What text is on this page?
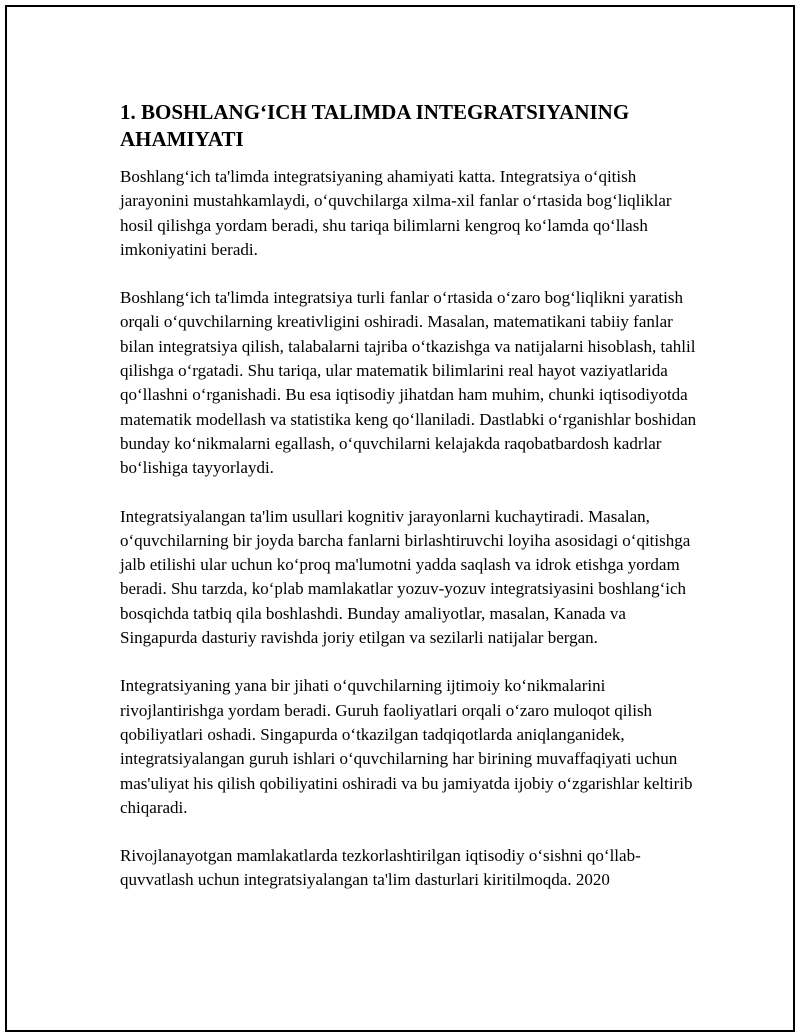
1. BOSHLANG‘ICH TALIMDA INTEGRATSIYANING AHAMIYATI

Boshlang‘ich ta'limda integratsiyaning ahamiyati katta. Integratsiya o‘qitish jarayonini mustahkamlaydi, o‘quvchilarga xilma-xil fanlar o‘rtasida bog‘liqliklar hosil qilishga yordam beradi, shu tariqa bilimlarni kengroq ko‘lamda qo‘llash imkoniyatini beradi.

Boshlang‘ich ta'limda integratsiya turli fanlar o‘rtasida o‘zaro bog‘liqlikni yaratish orqali o‘quvchilarning kreativligini oshiradi. Masalan, matematikani tabiiy fanlar bilan integratsiya qilish, talabalarni tajriba o‘tkazishga va natijalarni hisoblash, tahlil qilishga o‘rgatadi. Shu tariqa, ular matematik bilimlarini real hayot vaziyatlarida qo‘llashni o‘rganishadi. Bu esa iqtisodiy jihatdan ham muhim, chunki iqtisodiyotda matematik modellash va statistika keng qo‘llaniladi. Dastlabki o‘rganishlar boshidan bunday ko‘nikmalarni egallash, o‘quvchilarni kelajakda raqobatbardosh kadrlar bo‘lishiga tayyorlaydi.

Integratsiyalangan ta'lim usullari kognitiv jarayonlarni kuchaytiradi. Masalan, o‘quvchilarning bir joyda barcha fanlarni birlashtiruvchi loyiha asosidagi o‘qitishga jalb etilishi ular uchun ko‘proq ma'lumotni yadda saqlash va idrok etishga yordam beradi. Shu tarzda, ko‘plab mamlakatlar yozuv-yozuv integratsiyasini boshlang‘ich bosqichda tatbiq qila boshlashdi. Bunday amaliyotlar, masalan, Kanada va Singapurda dasturiy ravishda joriy etilgan va sezilarli natijalar bergan.

Integratsiyaning yana bir jihati o‘quvchilarning ijtimoiy ko‘nikmalarini rivojlantirishga yordam beradi. Guruh faoliyatlari orqali o‘zaro muloqot qilish qobiliyatlari oshadi. Singapurda o‘tkazilgan tadqiqotlarda aniqlanganidek, integratsiyalangan guruh ishlari o‘quvchilarning har birining muvaffaqiyati uchun mas'uliyat his qilish qobiliyatini oshiradi va bu jamiyatda ijobiy o‘zgarishlar keltirib chiqaradi.

Rivojlanayotgan mamlakatlarda tezkorlashtirilgan iqtisodiy o‘sishni qo‘llab-quvvatlash uchun integratsiyalangan ta'lim dasturlari kiritilmoqda. 2020
